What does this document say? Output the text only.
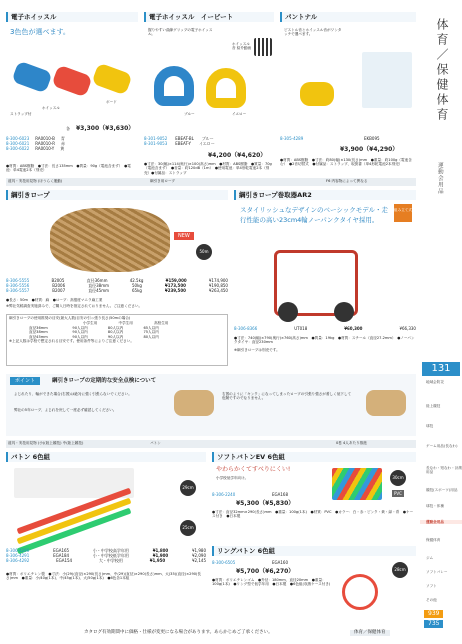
体育／保健体育
運動会用品
131
地域会防災
陸上競技
球技
ゲーム用品(長なわ)
長なわ・短なわ・計測用品
競技(スポーツ)用品
球技・体操
運動会用品
保健体育
ジム
ソフトバレー
ソフト
その他
939
735
電子ホイッスル
3色色が選べます。
ホイッスル
ストラップ付
ボード
各 ¥3,300（¥3,630）
8-300-6023 RA0010-B 青
8-300-6021 RA0010-R 赤
8-300-6022 RA0010-Y 黄
●材質：ABS樹脂　●寸法：長さ135mm　●質量：90g（電池含まず）　●電池：単4電池2本（別売）
電子ホイッスル　イービート
握りやすい曲線グリップの電子ホイッスル。
ホイッスル音 紹介動画
ブルー	イエロー
8-301-9052 EBEAT-BL ブルー
8-301-9053 EBEAT-Y イエロー
¥4,200（¥4,620）
●寸法：30(幅)×114(奥行)×100(高さ)mm　●材質：ABS樹脂　●質量：70g（電池含まず）　●音量：約120dB（1m）　●使用電池：単4形乾電池2本（別売）●付属品：ストラップ
パントナル
ピストル音とホイッスル音がワンタッチで選べます。
8-305-4289	EKB095
¥3,900（¥4,290）
●材質：ABS樹脂　●寸法：約80(幅)×130(長さ)mm　●重量：約100g（電池含む）　●2音切替式　●付属品：ストラップ、取扱書（単4形乾電池2本別売）
道具・実技用見物 (ほうらく運動)	綱引き用ロープ	F6 内容物によって異なる
綱引きロープ
NEW
50m
8-306-5555	B2005	直径36mm	42.5kg	¥159,000	¥174,900
8-306-5556	B2006	直径38mm	50kg	¥173,500	¥190,850
8-306-5557	B2007	直径45mm	65kg	¥239,500	¥263,450
●長さ：50m　●材質：麻　●ロープ：高強度マニラ麻工業
※弊社気候調査実施済みで、ご購入日時を指定されておりません。ご注意ください。
綱引きロープの使用推奨の目安(最大人数)目安の引っ張り長さ(50mの場合)
	小学生用	中学生用	高校生用
直径36mm	90人以内	80人以内	65人以内
直径38mm	90人以内	80人以内	75人以内
直径45mm	90人以内	90人以内	80人以内
※上記人数は学校で想定される目安です。使用条件等によりご注意ください。
綱引きロープ巻取器AR2
組み立て式
スタイリッシュなデザインのベーシックモデル・走行性能の高い23cm4輪ノーパンクタイヤ採用。
8-306-8366	UT018	¥60,300	¥66,330
●寸法：740(幅)×790(奥行)×760(高さ)mm　●質量：19kg　●材質：スチール（直径27.2mm）　●ノーパンクタイヤ：直径230mm
※綱引きロープは別売です。
ポイント	綱引きロープの定期的な安全点検について
よじれたり、輪ができた場合(右図)は絶対に強く引張らないでください。
弊社の5年ロープ、よじれを戻して一度必ず確認してください。
右図のように「キンク」になってしまったロープの引張り強さが著しく低下して危険ですのでなりません。
道具・実技用見物 (小)(陸上競技) 中(陸上競技)	バトン	0巻 4人あたり推進
バトン 6色組
29cm
25cm
8-306-4290	EGA165	小・中学校高学年用	¥1,800	¥1,980
8-306-4291	EGA184	小・中学校低学年用	¥1,900	¥2,090
8-306-4292	EGA154	大・中学校用	¥1,950	¥2,145
●材質：ポリエチレン製　●寸法：小(29)(直径)×290(長さ)mm、中(29)(直径)×290(長さ)mm、大(35)(直径)×290(長さ)mm　●重量：小/40g(1本)、中/45g(1本)、大/50g(1本)　●6色各1本組
ソフトバトンEV 6色組
やわらかくてすべりにくい!
小学校低学年向け。	30cm
PVC
8-306-2240	EGA168
¥5,300（¥5,830）
●寸法：直径32mm×290(長さ)mm　●重量：100g(1本)　●材質：PVC　●カラー：白・赤・ピンク・黄・緑・青　●ケース付き　●日本製
リングバトン 6色組
8-300-6505	EGA160
¥5,700（¥6,270）
●材質：ポリエチレンゴム　●外径：180mm、直径20mm　●重量：100g(1本)　●リング型で低学年用　●日本製　●6色組(収納ケース付き)
28cm
カタログ有効期間中に価格・仕様が変更になる場合があります。あらかじめご了承ください。	体育／保健体育
